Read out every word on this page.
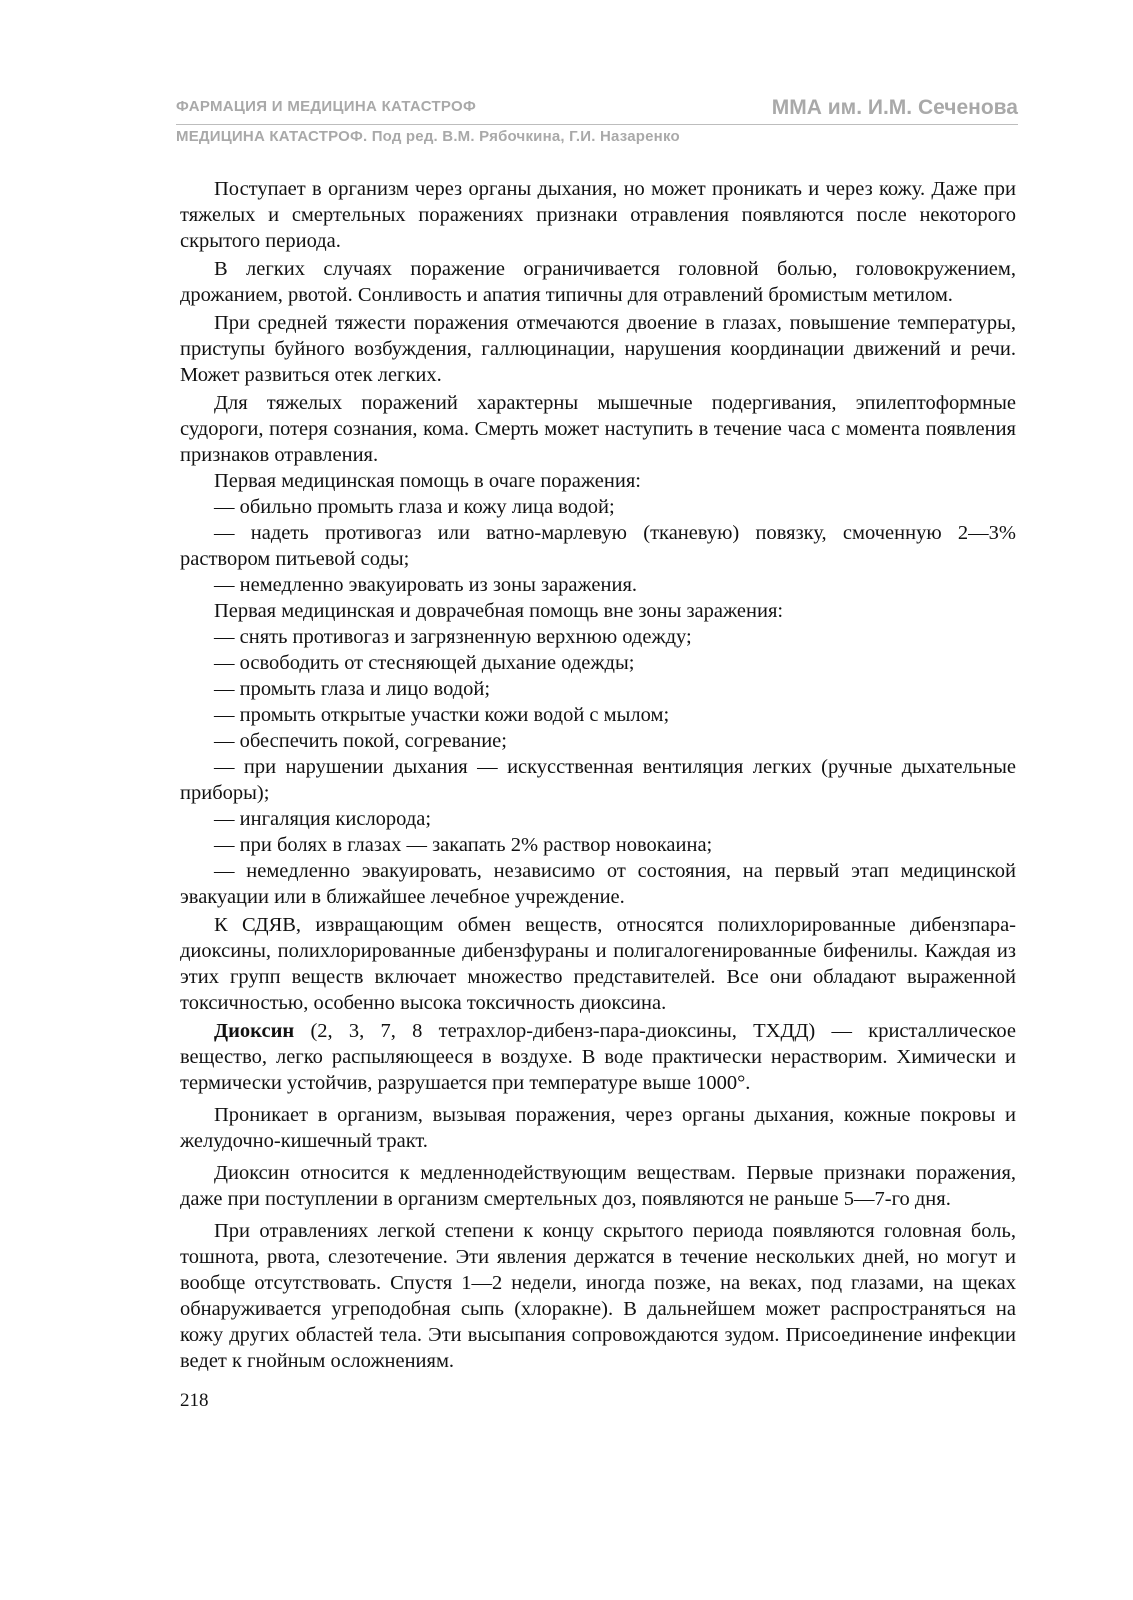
ФАРМАЦИЯ И МЕДИЦИНА КАТАСТРОФ	ММА им. И.М. Сеченова
МЕДИЦИНА КАТАСТРОФ. Под ред. В.М. Рябочкина, Г.И. Назаренко

Поступает в организм через органы дыхания, но может проникать и через кожу. Даже при тяжелых и смертельных поражениях признаки отравления появляются после некоторого скрытого периода.

В легких случаях поражение ограничивается головной болью, головокружением, дрожанием, рвотой. Сонливость и апатия типичны для отравлений бромистым метилом.

При средней тяжести поражения отмечаются двоение в глазах, повышение температуры, приступы буйного возбуждения, галлюцинации, нарушения координации движений и речи. Может развиться отек легких.

Для тяжелых поражений характерны мышечные подергивания, эпилептоформные судороги, потеря сознания, кома. Смерть может наступить в течение часа с момента появления признаков отравления.

Первая медицинская помощь в очаге поражения:

— обильно промыть глаза и кожу лица водой;

— надеть противогаз или ватно-марлевую (тканевую) повязку, смоченную 2—3% раствором питьевой соды;

— немедленно эвакуировать из зоны заражения.

Первая медицинская и доврачебная помощь вне зоны заражения:

— снять противогаз и загрязненную верхнюю одежду;

— освободить от стесняющей дыхание одежды;

— промыть глаза и лицо водой;

— промыть открытые участки кожи водой с мылом;

— обеспечить покой, согревание;

— при нарушении дыхания — искусственная вентиляция легких (ручные дыхательные приборы);

— ингаляция кислорода;

— при болях в глазах — закапать 2% раствор новокаина;

— немедленно эвакуировать, независимо от состояния, на первый этап медицинской эвакуации или в ближайшее лечебное учреждение.

К СДЯВ, извращающим обмен веществ, относятся полихлорированные дибензпара-диоксины, полихлорированные дибензфураны и полигалогенированные бифенилы. Каждая из этих групп веществ включает множество представителей. Все они обладают выраженной токсичностью, особенно высока токсичность диоксина.

Диоксин (2, 3, 7, 8 тетрахлор-дибенз-пара-диоксины, ТХДД) — кристаллическое вещество, легко распыляющееся в воздухе. В воде практически нерастворим. Химически и термически устойчив, разрушается при температуре выше 1000°.

Проникает в организм, вызывая поражения, через органы дыхания, кожные покровы и желудочно-кишечный тракт.

Диоксин относится к медленнодействующим веществам. Первые признаки поражения, даже при поступлении в организм смертельных доз, появляются не раньше 5—7-го дня.

При отравлениях легкой степени к концу скрытого периода появляются головная боль, тошнота, рвота, слезотечение. Эти явления держатся в течение нескольких дней, но могут и вообще отсутствовать. Спустя 1—2 недели, иногда позже, на веках, под глазами, на щеках обнаруживается угреподобная сыпь (хлоракне). В дальнейшем может распространяться на кожу других областей тела. Эти высыпания сопровождаются зудом. Присоединение инфекции ведет к гнойным осложнениям.

218
